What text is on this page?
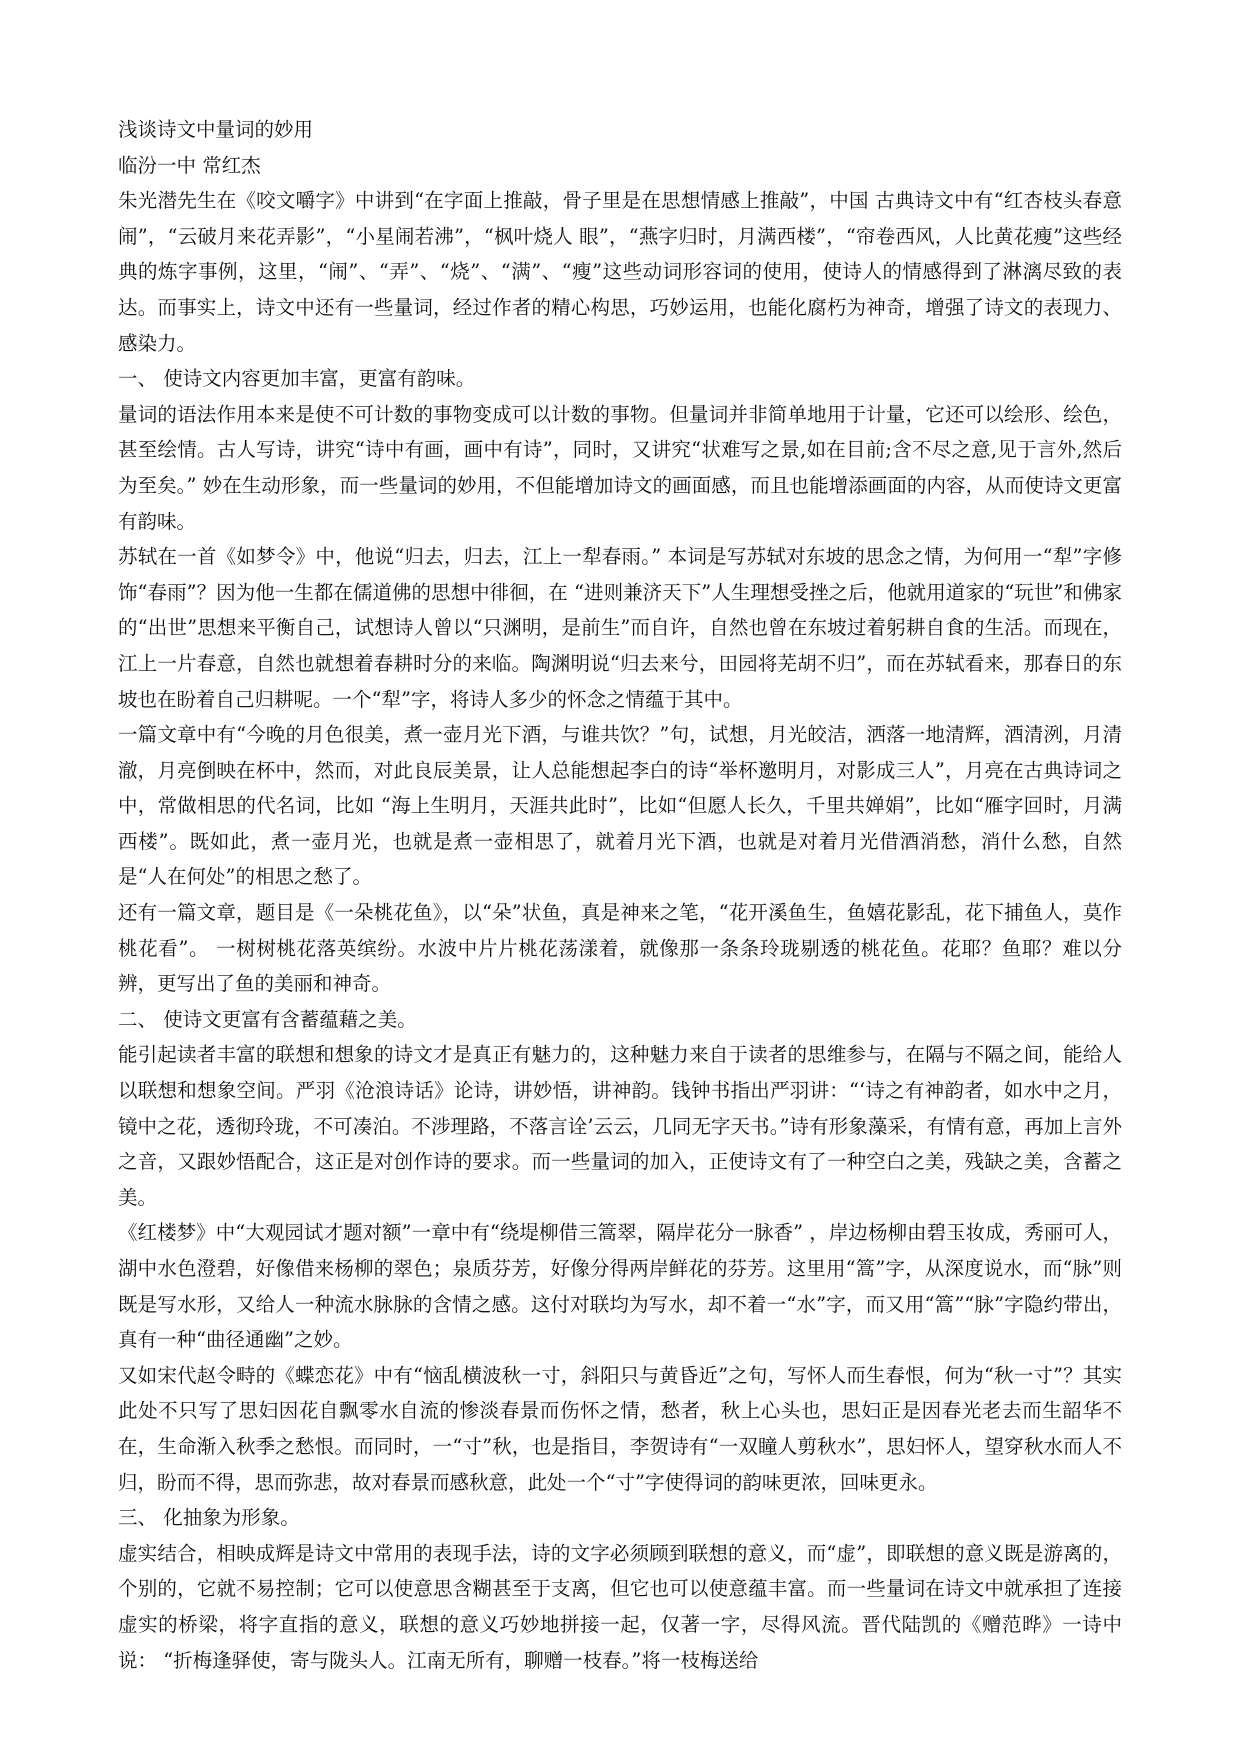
浅谈诗文中量词的妙用

临汾一中 常红杰

朱光潜先生在《咬文嚼字》中讲到“在字面上推敲，骨子里是在思想情感上推敲”，中国 古典诗文中有“红杏枝头春意闹”，“云破月来花弄影”，“小星闹若沸”，“枫叶烧人 眼”，“燕字归时，月满西楼”，“帘卷西风，人比黄花瘦”这些经典的炼字事例，这里，“闹”、“弄”、“烧”、“满”、“瘦”这些动词形容词的使用，使诗人的情感得到了淋漓尽致的表达。而事实上，诗文中还有一些量词，经过作者的精心构思，巧妙运用，也能化腐朽为神奇，增强了诗文的表现力、感染力。

一、 使诗文内容更加丰富，更富有韵味。

量词的语法作用本来是使不可计数的事物变成可以计数的事物。但量词并非简单地用于计量，它还可以绘形、绘色，甚至绘情。古人写诗，讲究“诗中有画，画中有诗”，同时，又讲究“状难写之景,如在目前;含不尽之意,见于言外,然后为至矣。” 妙在生动形象，而一些量词的妙用，不但能增加诗文的画面感，而且也能增添画面的内容，从而使诗文更富有韵味。

苏轼在一首《如梦令》中，他说“归去，归去，江上一犁春雨。” 本词是写苏轼对东坡的思念之情，为何用一“犁”字修饰“春雨”？因为他一生都在儒道佛的思想中徘徊，在 “进则兼济天下”人生理想受挫之后，他就用道家的“玩世”和佛家的“出世”思想来平衡自己，试想诗人曾以“只渊明，是前生”而自许，自然也曾在东坡过着躬耕自食的生活。而现在，江上一片春意，自然也就想着春耕时分的来临。陶渊明说“归去来兮，田园将芜胡不归”，而在苏轼看来，那春日的东坡也在盼着自己归耕呢。一个“犁”字，将诗人多少的怀念之情蕴于其中。

一篇文章中有“今晚的月色很美，煮一壶月光下酒，与谁共饮？”句，试想，月光皎洁，洒落一地清辉，酒清洌，月清澈，月亮倒映在杯中，然而，对此良辰美景，让人总能想起李白的诗“举杯邀明月，对影成三人”，月亮在古典诗词之中，常做相思的代名词，比如 “海上生明月，天涯共此时”，比如“但愿人长久，千里共婵娟”，比如“雁字回时，月满西楼”。既如此，煮一壶月光，也就是煮一壶相思了，就着月光下酒，也就是对着月光借酒消愁，消什么愁，自然是“人在何处”的相思之愁了。

还有一篇文章，题目是《一朵桃花鱼》，以“朵”状鱼，真是神来之笔，“花开溪鱼生，鱼嬉花影乱，花下捕鱼人，莫作桃花看”。 一树树桃花落英缤纷。水波中片片桃花荡漾着，就像那一条条玲珑剔透的桃花鱼。花耶？鱼耶？难以分辨，更写出了鱼的美丽和神奇。

二、 使诗文更富有含蓄蕴藉之美。

能引起读者丰富的联想和想象的诗文才是真正有魅力的，这种魅力来自于读者的思维参与，在隔与不隔之间，能给人以联想和想象空间。严羽《沧浪诗话》论诗，讲妙悟，讲神韵。钱钟书指出严羽讲：“‘诗之有神韵者，如水中之月，镜中之花，透彻玲珑，不可凑泊。不涉理路，不落言诠’云云，几同无字天书。”诗有形象藻采，有情有意，再加上言外之音，又跟妙悟配合，这正是对创作诗的要求。而一些量词的加入，正使诗文有了一种空白之美，残缺之美，含蓄之美。

《红楼梦》中“大观园试才题对额”一章中有“绕堤柳借三篙翠，隔岸花分一脉香” ，岸边杨柳由碧玉妆成，秀丽可人，湖中水色澄碧，好像借来杨柳的翠色；泉质芬芳，好像分得两岸鲜花的芬芳。这里用“篙”字，从深度说水，而“脉”则既是写水形，又给人一种流水脉脉的含情之感。这付对联均为写水，却不着一“水”字，而又用“篙”“脉”字隐约带出，真有一种“曲径通幽”之妙。

又如宋代赵令畤的《蝶恋花》中有“恼乱横波秋一寸，斜阳只与黄昏近”之句，写怀人而生春恨，何为“秋一寸”？其实此处不只写了思妇因花自飘零水自流的惨淡春景而伤怀之情，愁者，秋上心头也，思妇正是因春光老去而生韶华不在，生命渐入秋季之愁恨。而同时，一“寸”秋，也是指目，李贺诗有“一双瞳人剪秋水”，思妇怀人，望穿秋水而人不归，盼而不得，思而弥悲，故对春景而感秋意，此处一个“寸”字使得词的韵味更浓，回味更永。

三、 化抽象为形象。

虚实结合，相映成辉是诗文中常用的表现手法，诗的文字必须顾到联想的意义，而“虚”，即联想的意义既是游离的，个别的，它就不易控制；它可以使意思含糊甚至于支离，但它也可以使意蕴丰富。而一些量词在诗文中就承担了连接虚实的桥梁，将字直指的意义，联想的意义巧妙地拼接一起，仅著一字，尽得风流。晋代陆凯的《赠范晔》一诗中说： “折梅逢驿使，寄与陇头人。江南无所有，聊赠一枝春。”将一枝梅送给
